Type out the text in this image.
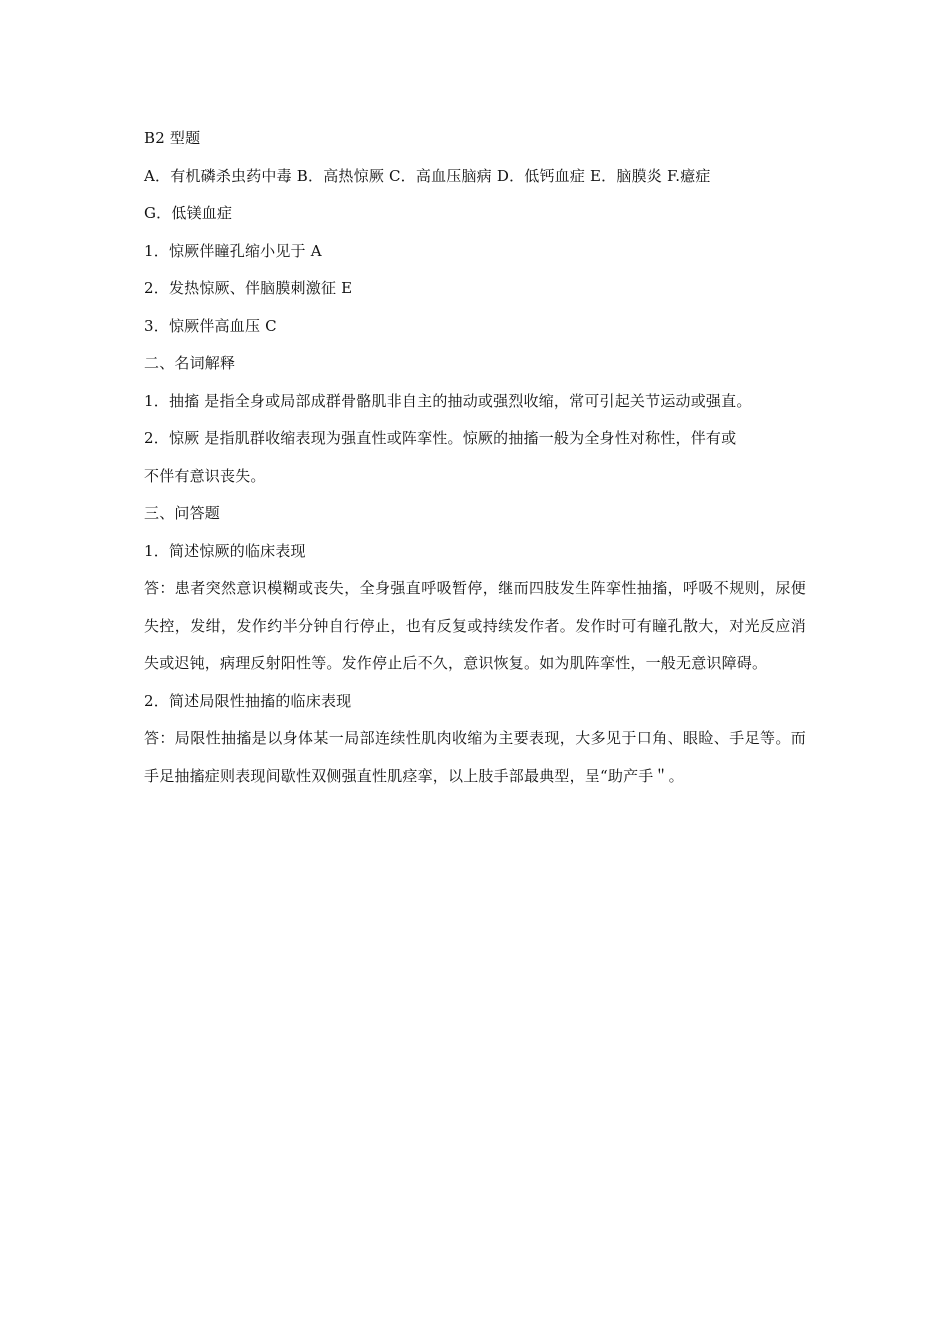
B2 型题
A．有机磷杀虫药中毒 B．高热惊厥 C．高血压脑病 D．低钙血症 E．脑膜炎 F.癔症
G．低镁血症
1．惊厥伴瞳孔缩小见于 A
2．发热惊厥、伴脑膜刺激征 E
3．惊厥伴高血压 C
二、名词解释
1．抽搐 是指全身或局部成群骨骼肌非自主的抽动或强烈收缩，常可引起关节运动或强直。
2．惊厥 是指肌群收缩表现为强直性或阵挛性。惊厥的抽搐一般为全身性对称性，伴有或
不伴有意识丧失。
三、问答题
1．简述惊厥的临床表现
答：患者突然意识模糊或丧失，全身强直呼吸暂停，继而四肢发生阵挛性抽搐，呼吸不规则，尿便失控，发绀，发作约半分钟自行停止，也有反复或持续发作者。发作时可有瞳孔散大，对光反应消失或迟钝，病理反射阳性等。发作停止后不久，意识恢复。如为肌阵挛性，一般无意识障碍。
2．简述局限性抽搐的临床表现
答：局限性抽搐是以身体某一局部连续性肌肉收缩为主要表现，大多见于口角、眼睑、手足等。而手足抽搐症则表现间歇性双侧强直性肌痉挛，以上肢手部最典型，呈“助产手＂。
